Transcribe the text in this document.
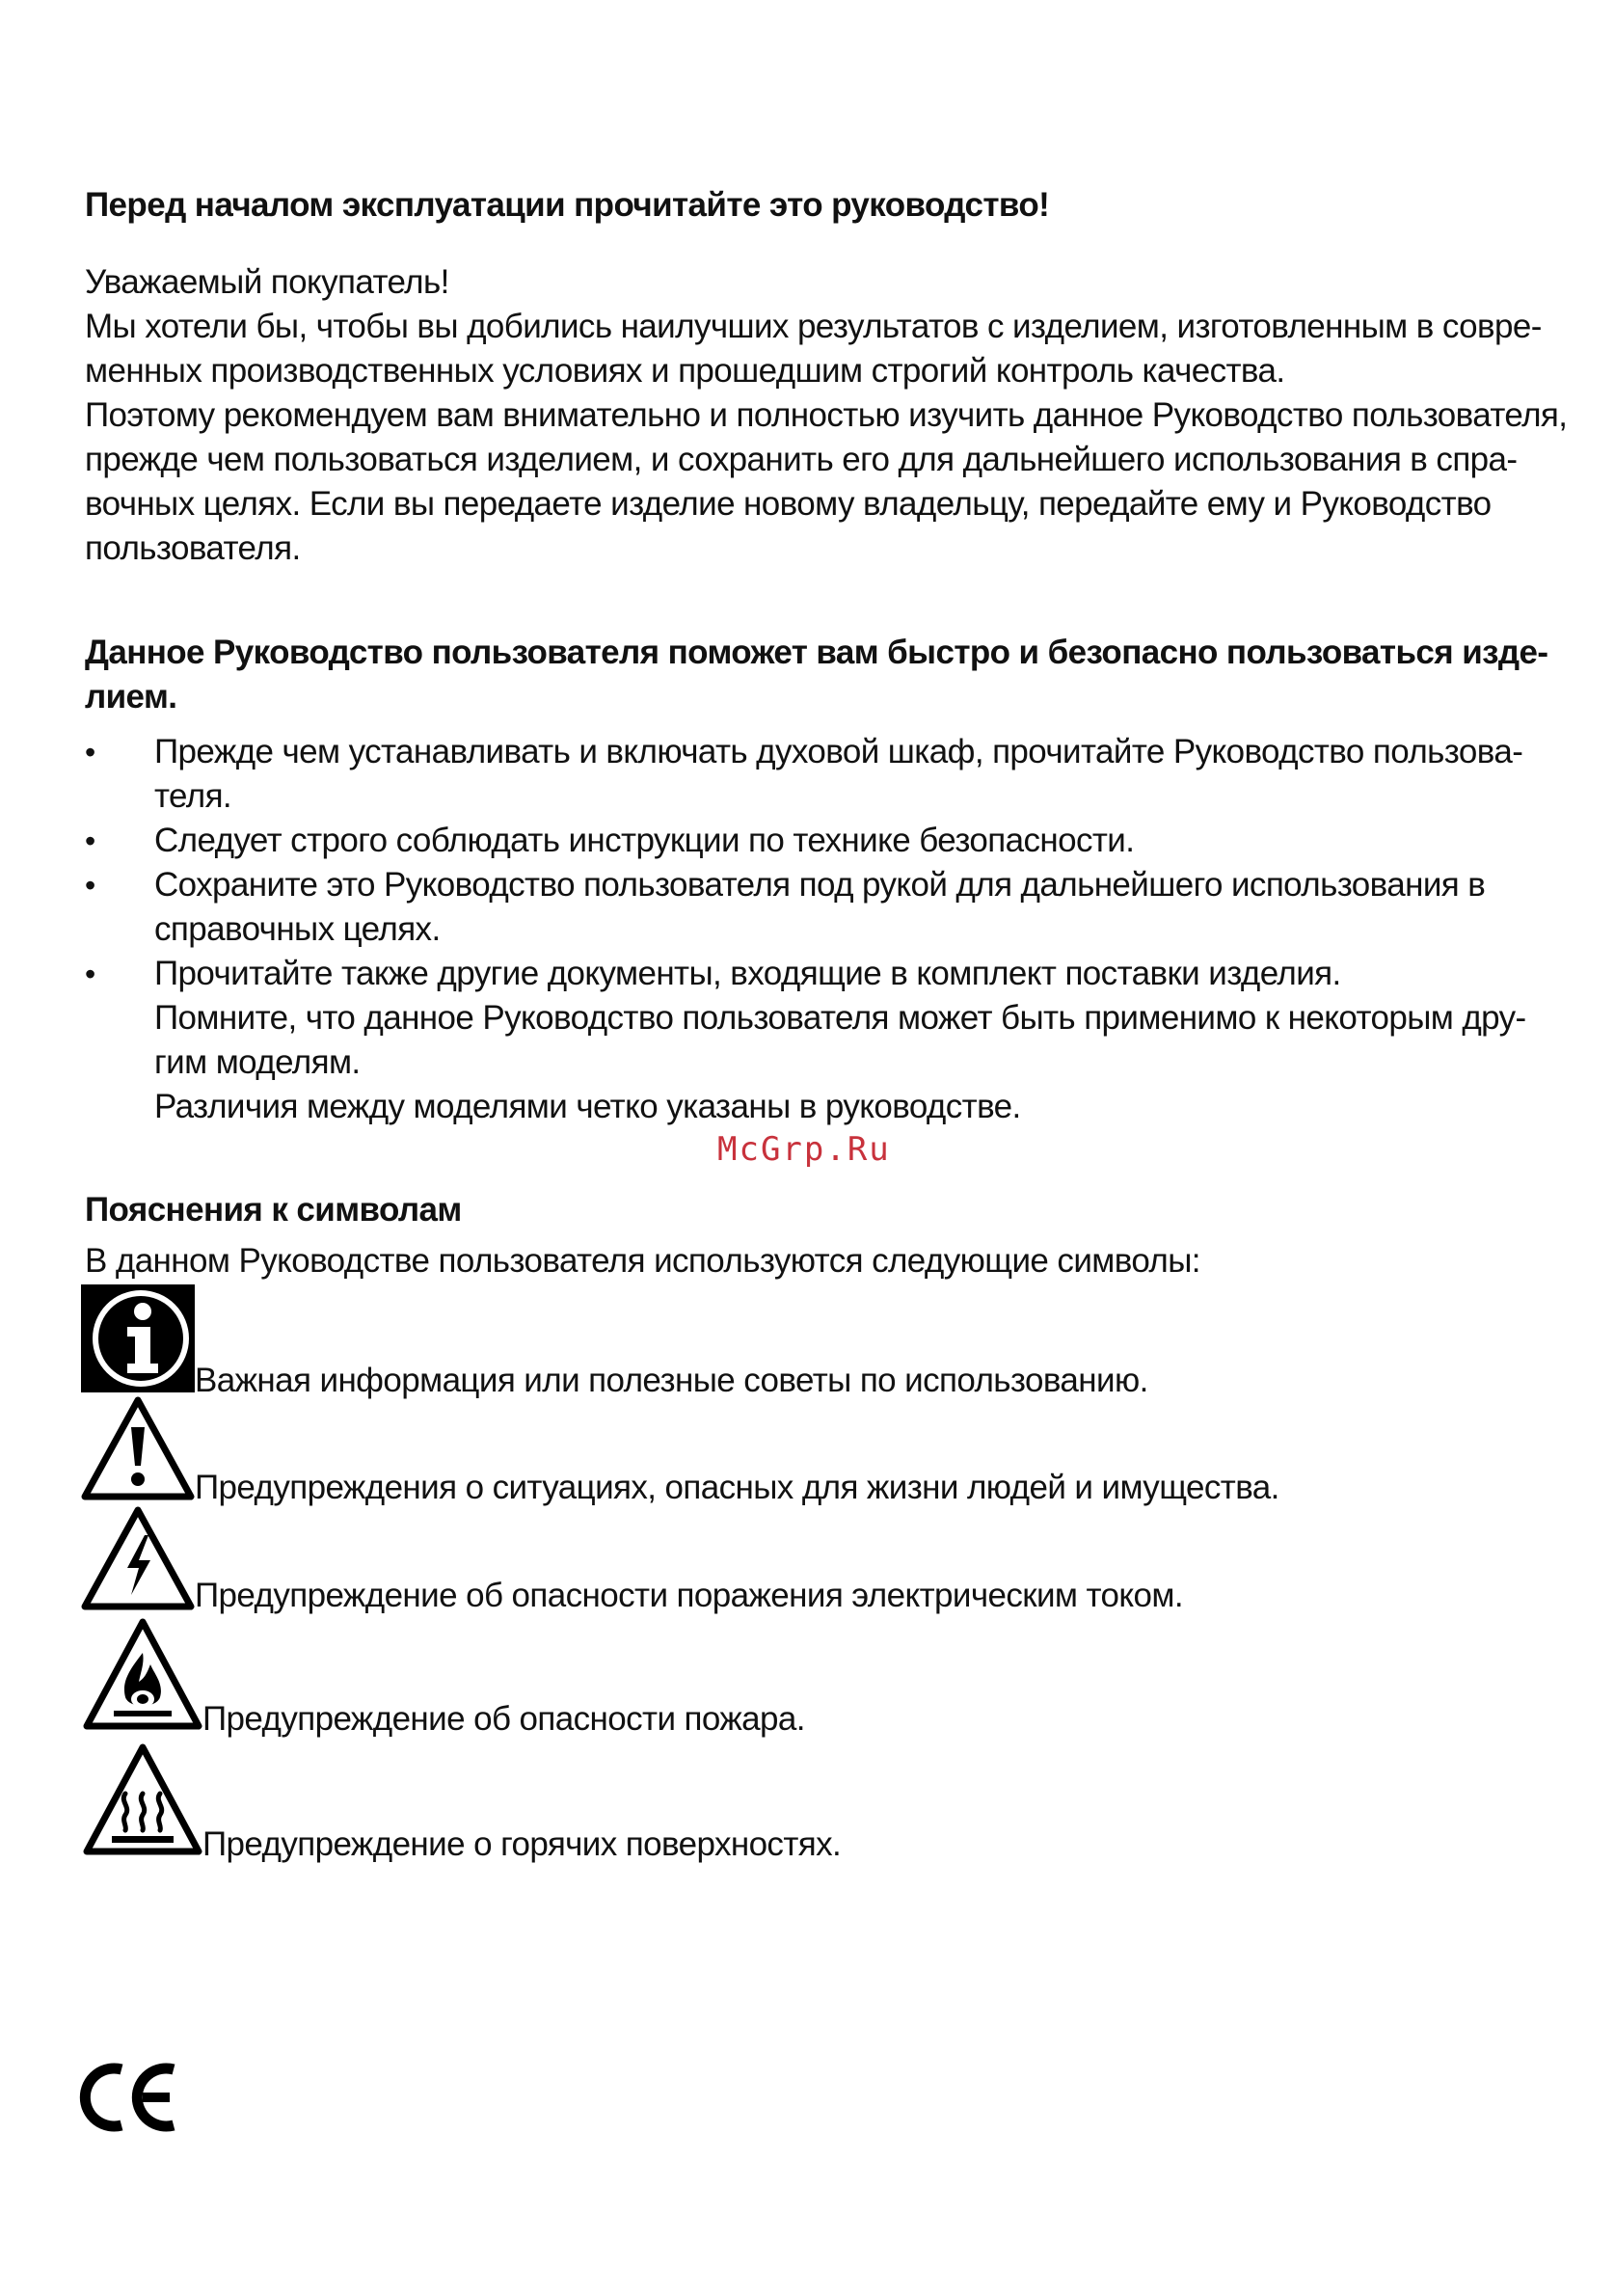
Перед началом эксплуатации прочитайте это руководство!
Уважаемый покупатель!
Мы хотели бы, чтобы вы добились наилучших результатов с изделием, изготовленным в совре-
менных производственных условиях и прошедшим строгий контроль качества.
Поэтому рекомендуем вам внимательно и полностью изучить данное Руководство пользователя,
прежде чем пользоваться изделием, и сохранить его для дальнейшего использования в спра-
вочных целях. Если вы передаете изделие новому владельцу, передайте ему и Руководство
пользователя.
Данное Руководство пользователя поможет вам быстро и безопасно пользоваться изде-
лием.
• Прежде чем устанавливать и включать духовой шкаф, прочитайте Руководство пользова-
теля.
• Следует строго соблюдать инструкции по технике безопасности.
• Сохраните это Руководство пользователя под рукой для дальнейшего использования в
справочных целях.
• Прочитайте также другие документы, входящие в комплект поставки изделия.
Помните, что данное Руководство пользователя может быть применимо к некоторым дру-
гим моделям.
Различия между моделями четко указаны в руководстве.
McGrp.Ru
Пояснения к символам
В данном Руководстве пользователя используются следующие символы:
Важная информация или полезные советы по использованию.
Предупреждения о ситуациях, опасных для жизни людей и имущества.
Предупреждение об опасности поражения электрическим током.
Предупреждение об опасности пожара.
Предупреждение о горячих поверхностях.
